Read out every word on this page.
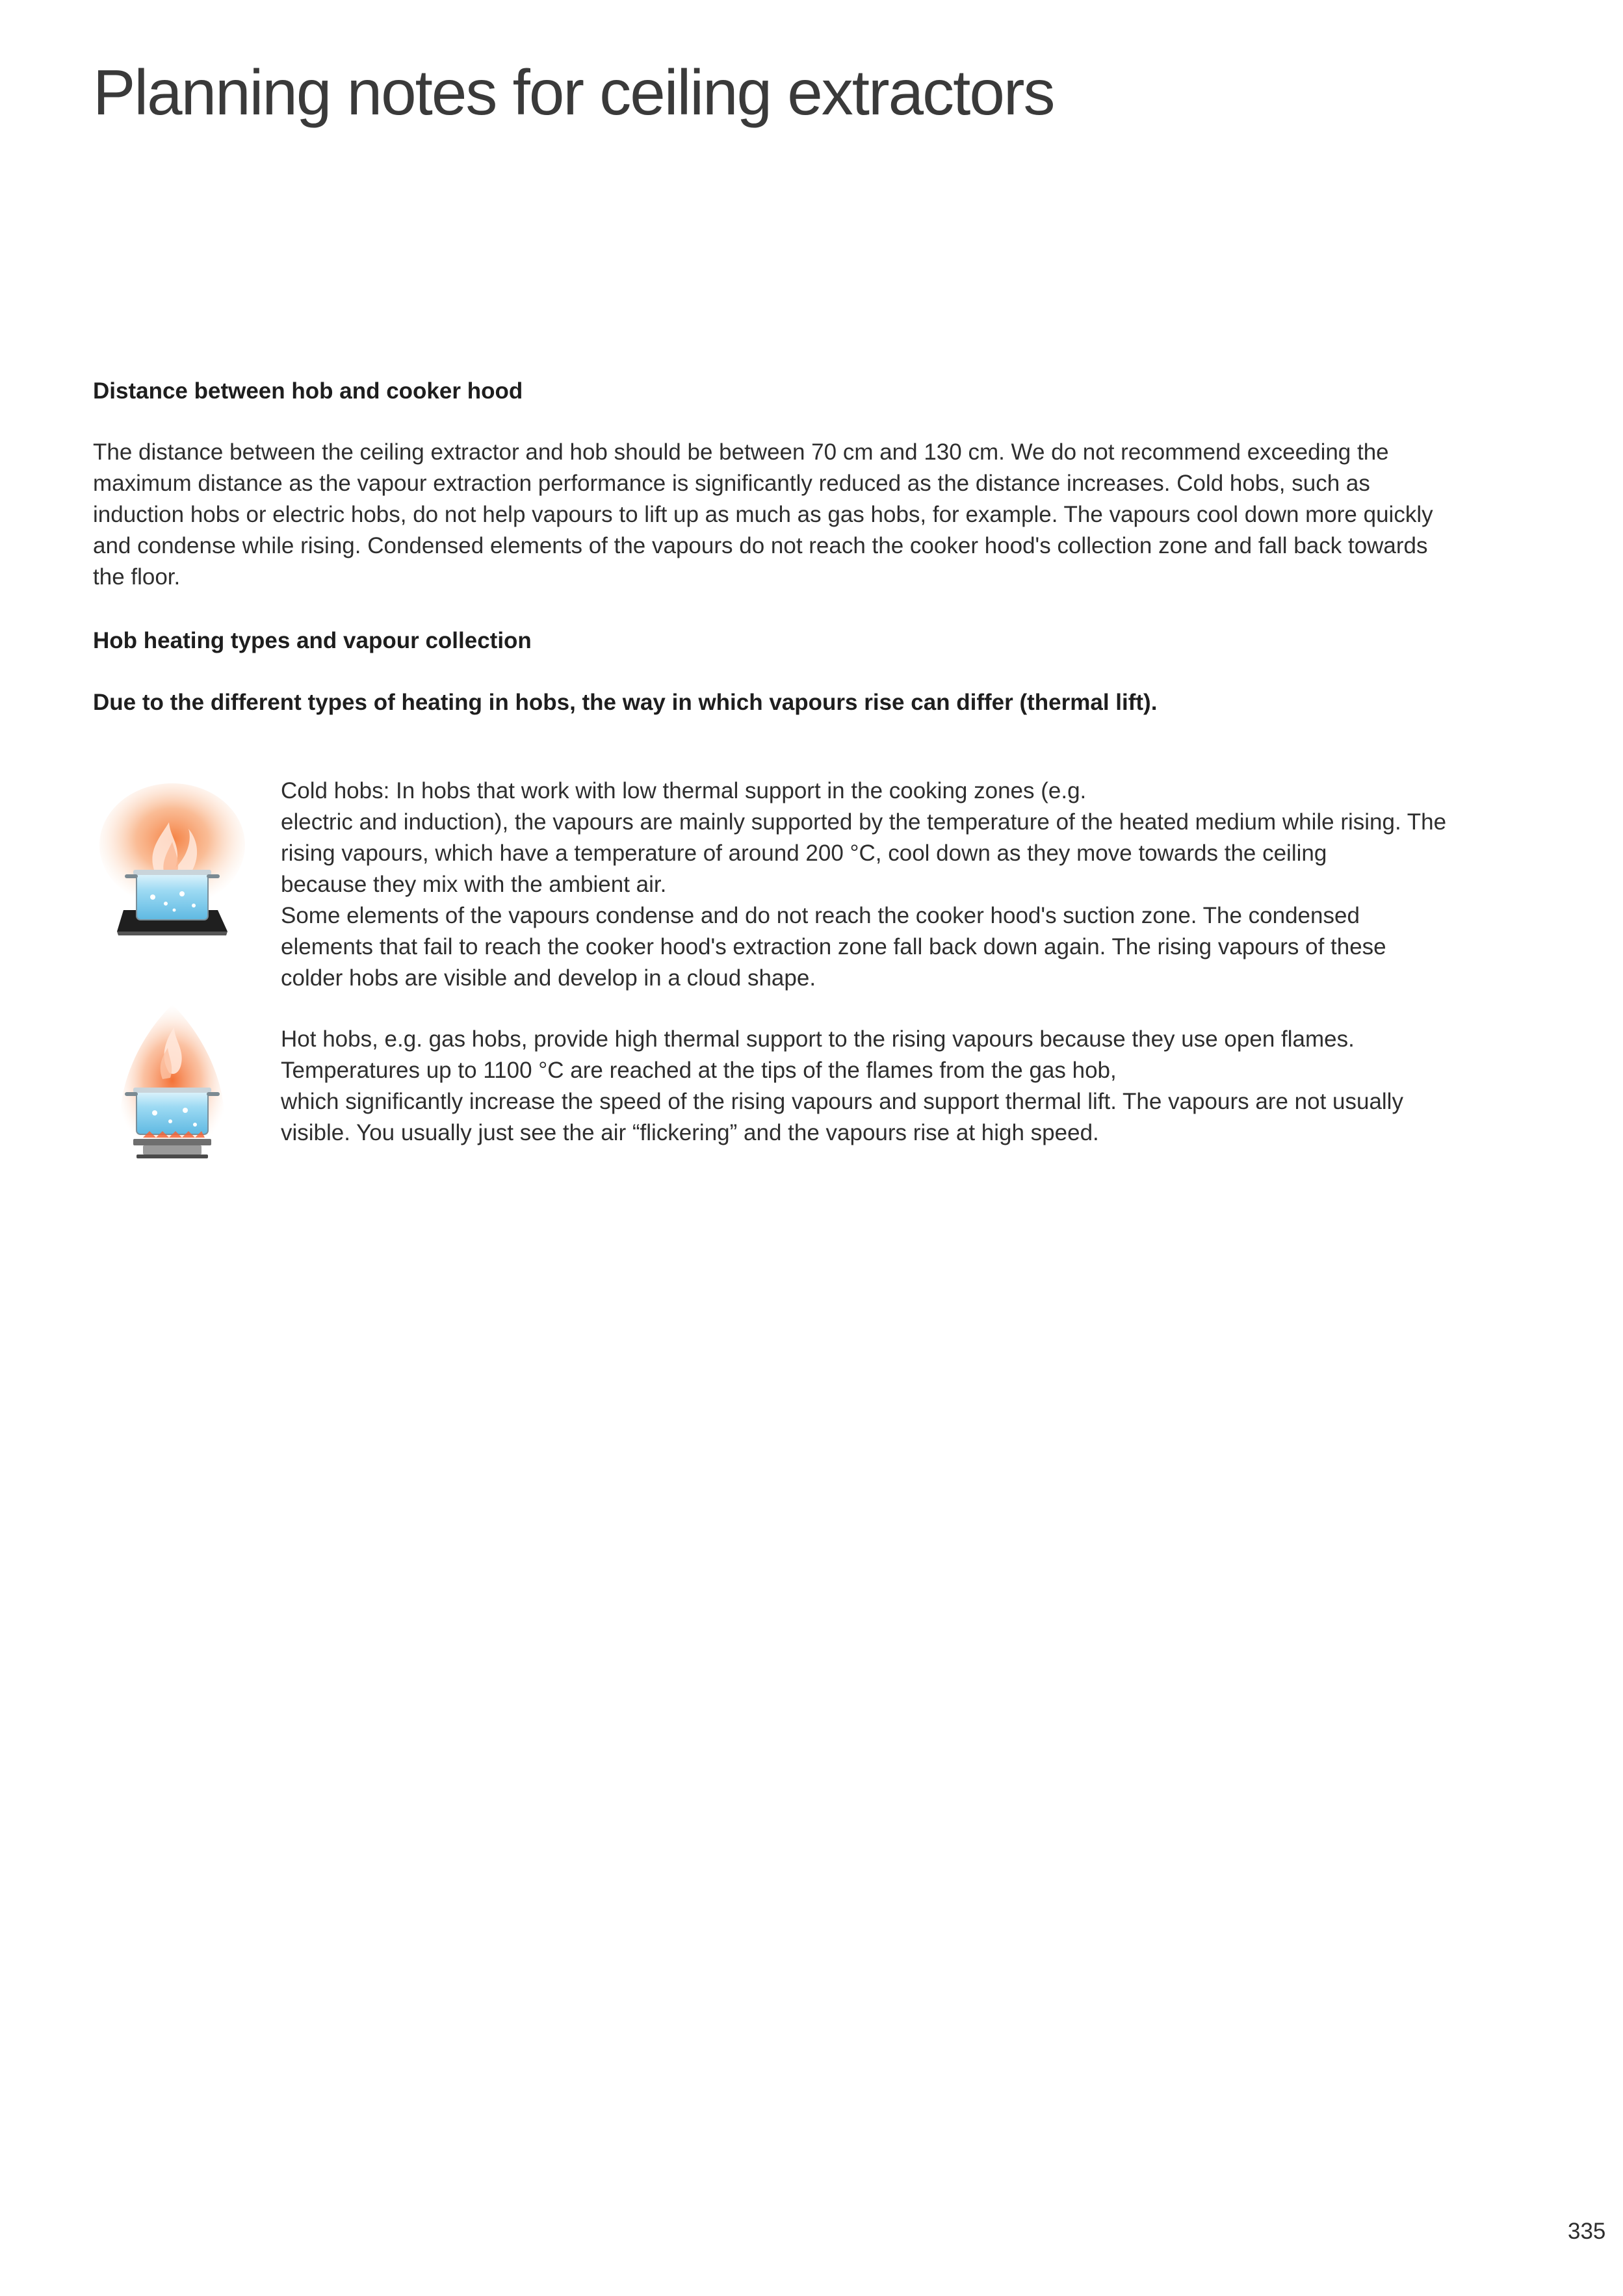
Planning notes for ceiling extractors
Distance between hob and cooker hood
The distance between the ceiling extractor and hob should be between 70 cm and 130 cm. We do not recommend exceeding the
maximum distance as the vapour extraction performance is significantly reduced as the distance increases. Cold hobs, such as
induction hobs or electric hobs, do not help vapours to lift up as much as gas hobs, for example. The vapours cool down more quickly
and condense while rising. Condensed elements of the vapours do not reach the cooker hood's collection zone and fall back towards
the floor.
Hob heating types and vapour collection

Due to the different types of heating in hobs, the way in which vapours rise can differ (thermal lift).

Cold hobs: In hobs that work with low thermal support in the cooking zones (e.g.
electric and induction), the vapours are mainly supported by the temperature of the heated medium while rising. The
rising vapours, which have a temperature of around 200 °C, cool down as they move towards the ceiling
because they mix with the ambient air.
Some elements of the vapours condense and do not reach the cooker hood's suction zone. The condensed
elements that fail to reach the cooker hood's extraction zone fall back down again. The rising vapours of these
colder hobs are visible and develop in a cloud shape.
Hot hobs, e.g. gas hobs, provide high thermal support to the rising vapours because they use open flames.
Temperatures up to 1100 °C are reached at the tips of the flames from the gas hob,
which significantly increase the speed of the rising vapours and support thermal lift. The vapours are not usually
visible. You usually just see the air “flickering” and the vapours rise at high speed.
335
